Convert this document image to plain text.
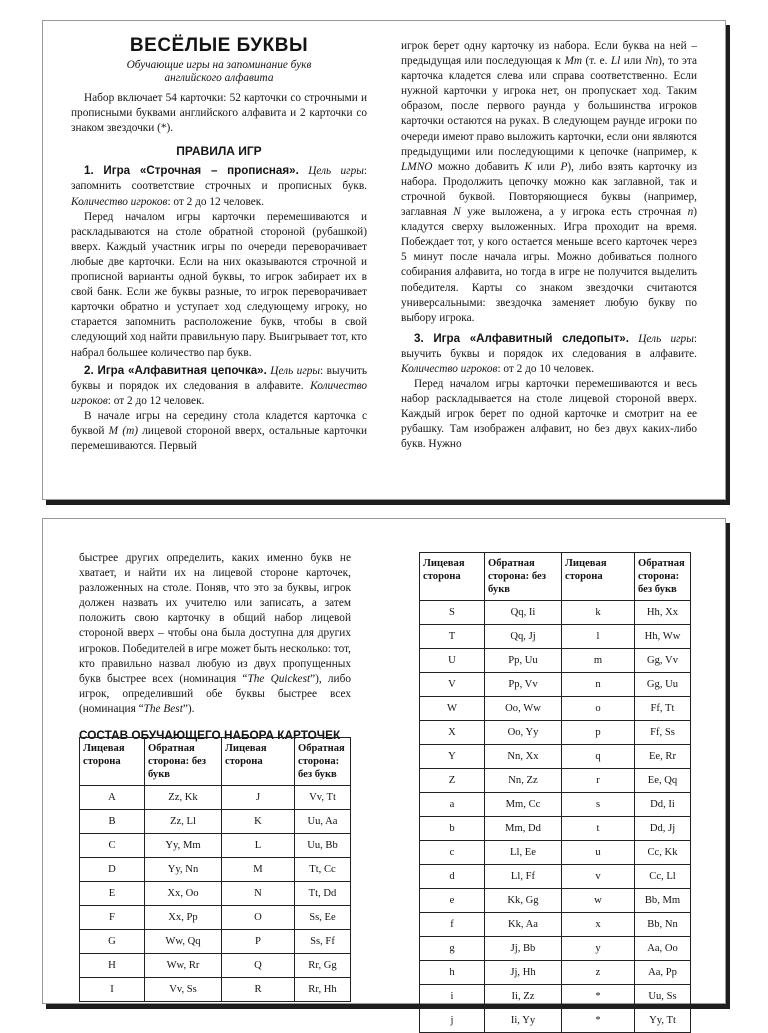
ВЕСЁЛЫЕ БУКВЫ
Обучающие игры на запоминание букв
английского алфавита

Набор включает 54 карточки: 52 карточки со строчными и прописными буквами английского алфавита и 2 карточки со знаком звездочки (*).

ПРАВИЛА ИГР

1. Игра «Строчная – прописная». Цель игры: запомнить соответствие строчных и прописных букв. Количество игроков: от 2 до 12 человек.

Перед началом игры карточки перемешиваются и раскладываются на столе обратной стороной (рубашкой) вверх. Каждый участник игры по очереди переворачивает любые две карточки. Если на них оказываются строчной и прописной варианты одной буквы, то игрок забирает их в свой банк. Если же буквы разные, то игрок переворачивает карточки обратно и уступает ход следующему игроку, но старается запомнить расположение букв, чтобы в свой следующий ход найти правильную пару. Выигрывает тот, кто набрал большее количество пар букв.

2. Игра «Алфавитная цепочка». Цель игры: выучить буквы и порядок их следования в алфавите. Количество игроков: от 2 до 12 человек.

В начале игры на середину стола кладется карточка с буквой M (m) лицевой стороной вверх, остальные карточки перемешиваются. Первый

игрок берет одну карточку из набора. Если буква на ней – предыдущая или последующая к Mm (т. е. Ll или Nn), то эта карточка кладется слева или справа соответственно. Если нужной карточки у игрока нет, он пропускает ход. Таким образом, после первого раунда у большинства игроков карточки остаются на руках. В следующем раунде игроки по очереди имеют право выложить карточки, если они являются предыдущими или последующими к цепочке (например, к LMNO можно добавить K или P), либо взять карточку из набора. Продолжить цепочку можно как заглавной, так и строчной буквой. Повторяющиеся буквы (например, заглавная N уже выложена, а у игрока есть строчная n) кладутся сверху выложенных. Игра проходит на время. Побеждает тот, у кого остается меньше всего карточек через 5 минут после начала игры. Можно добиваться полного собирания алфавита, но тогда в игре не получится выделить победителя. Карты со знаком звездочки считаются универсальными: звездочка заменяет любую букву по выбору игрока.

3. Игра «Алфавитный следопыт». Цель игры: выучить буквы и порядок их следования в алфавите. Количество игроков: от 2 до 10 человек.

Перед началом игры карточки перемешиваются и весь набор раскладывается на столе лицевой стороной вверх. Каждый игрок берет по одной карточке и смотрит на ее рубашку. Там изображен алфавит, но без двух каких-либо букв. Нужно

быстрее других определить, каких именно букв не хватает, и найти их на лицевой стороне карточек, разложенных на столе. Поняв, что это за буквы, игрок должен назвать их учителю или записать, а затем положить свою карточку в общий набор лицевой стороной вверх – чтобы она была доступна для других игроков. Победителей в игре может быть несколько: тот, кто правильно назвал любую из двух пропущенных букв быстрее всех (номинация “The Quickest”), либо игрок, определивший обе буквы быстрее всех (номинация “The Best”).

СОСТАВ ОБУЧАЮЩЕГО НАБОРА КАРТОЧЕК
Лицевая сторона	Обратная сторона: без букв	Лицевая сторона	Обратная сторона: без букв
A	Zz, Kk	J	Vv, Tt
B	Zz, Ll	K	Uu, Aa
C	Yy, Mm	L	Uu, Bb
D	Yy, Nn	M	Tt, Cc
E	Xx, Oo	N	Tt, Dd
F	Xx, Pp	O	Ss, Ee
G	Ww, Qq	P	Ss, Ff
H	Ww, Rr	Q	Rr, Gg
I	Vv, Ss	R	Rr, Hh
Лицевая сторона	Обратная сторона: без букв	Лицевая сторона	Обратная сторона: без букв
S	Qq, Ii	k	Hh, Xx
T	Qq, Jj	l	Hh, Ww
U	Pp, Uu	m	Gg, Vv
V	Pp, Vv	n	Gg, Uu
W	Oo, Ww	o	Ff, Tt
X	Oo, Yy	p	Ff, Ss
Y	Nn, Xx	q	Ee, Rr
Z	Nn, Zz	r	Ee, Qq
a	Mm, Cc	s	Dd, Ii
b	Mm, Dd	t	Dd, Jj
c	Ll, Ee	u	Cc, Kk
d	Ll, Ff	v	Cc, Ll
e	Kk, Gg	w	Bb, Mm
f	Kk, Aa	x	Bb, Nn
g	Jj, Bb	y	Aa, Oo
h	Jj, Hh	z	Aa, Pp
i	Ii, Zz	*	Uu, Ss
j	Ii, Yy	*	Yy, Tt
